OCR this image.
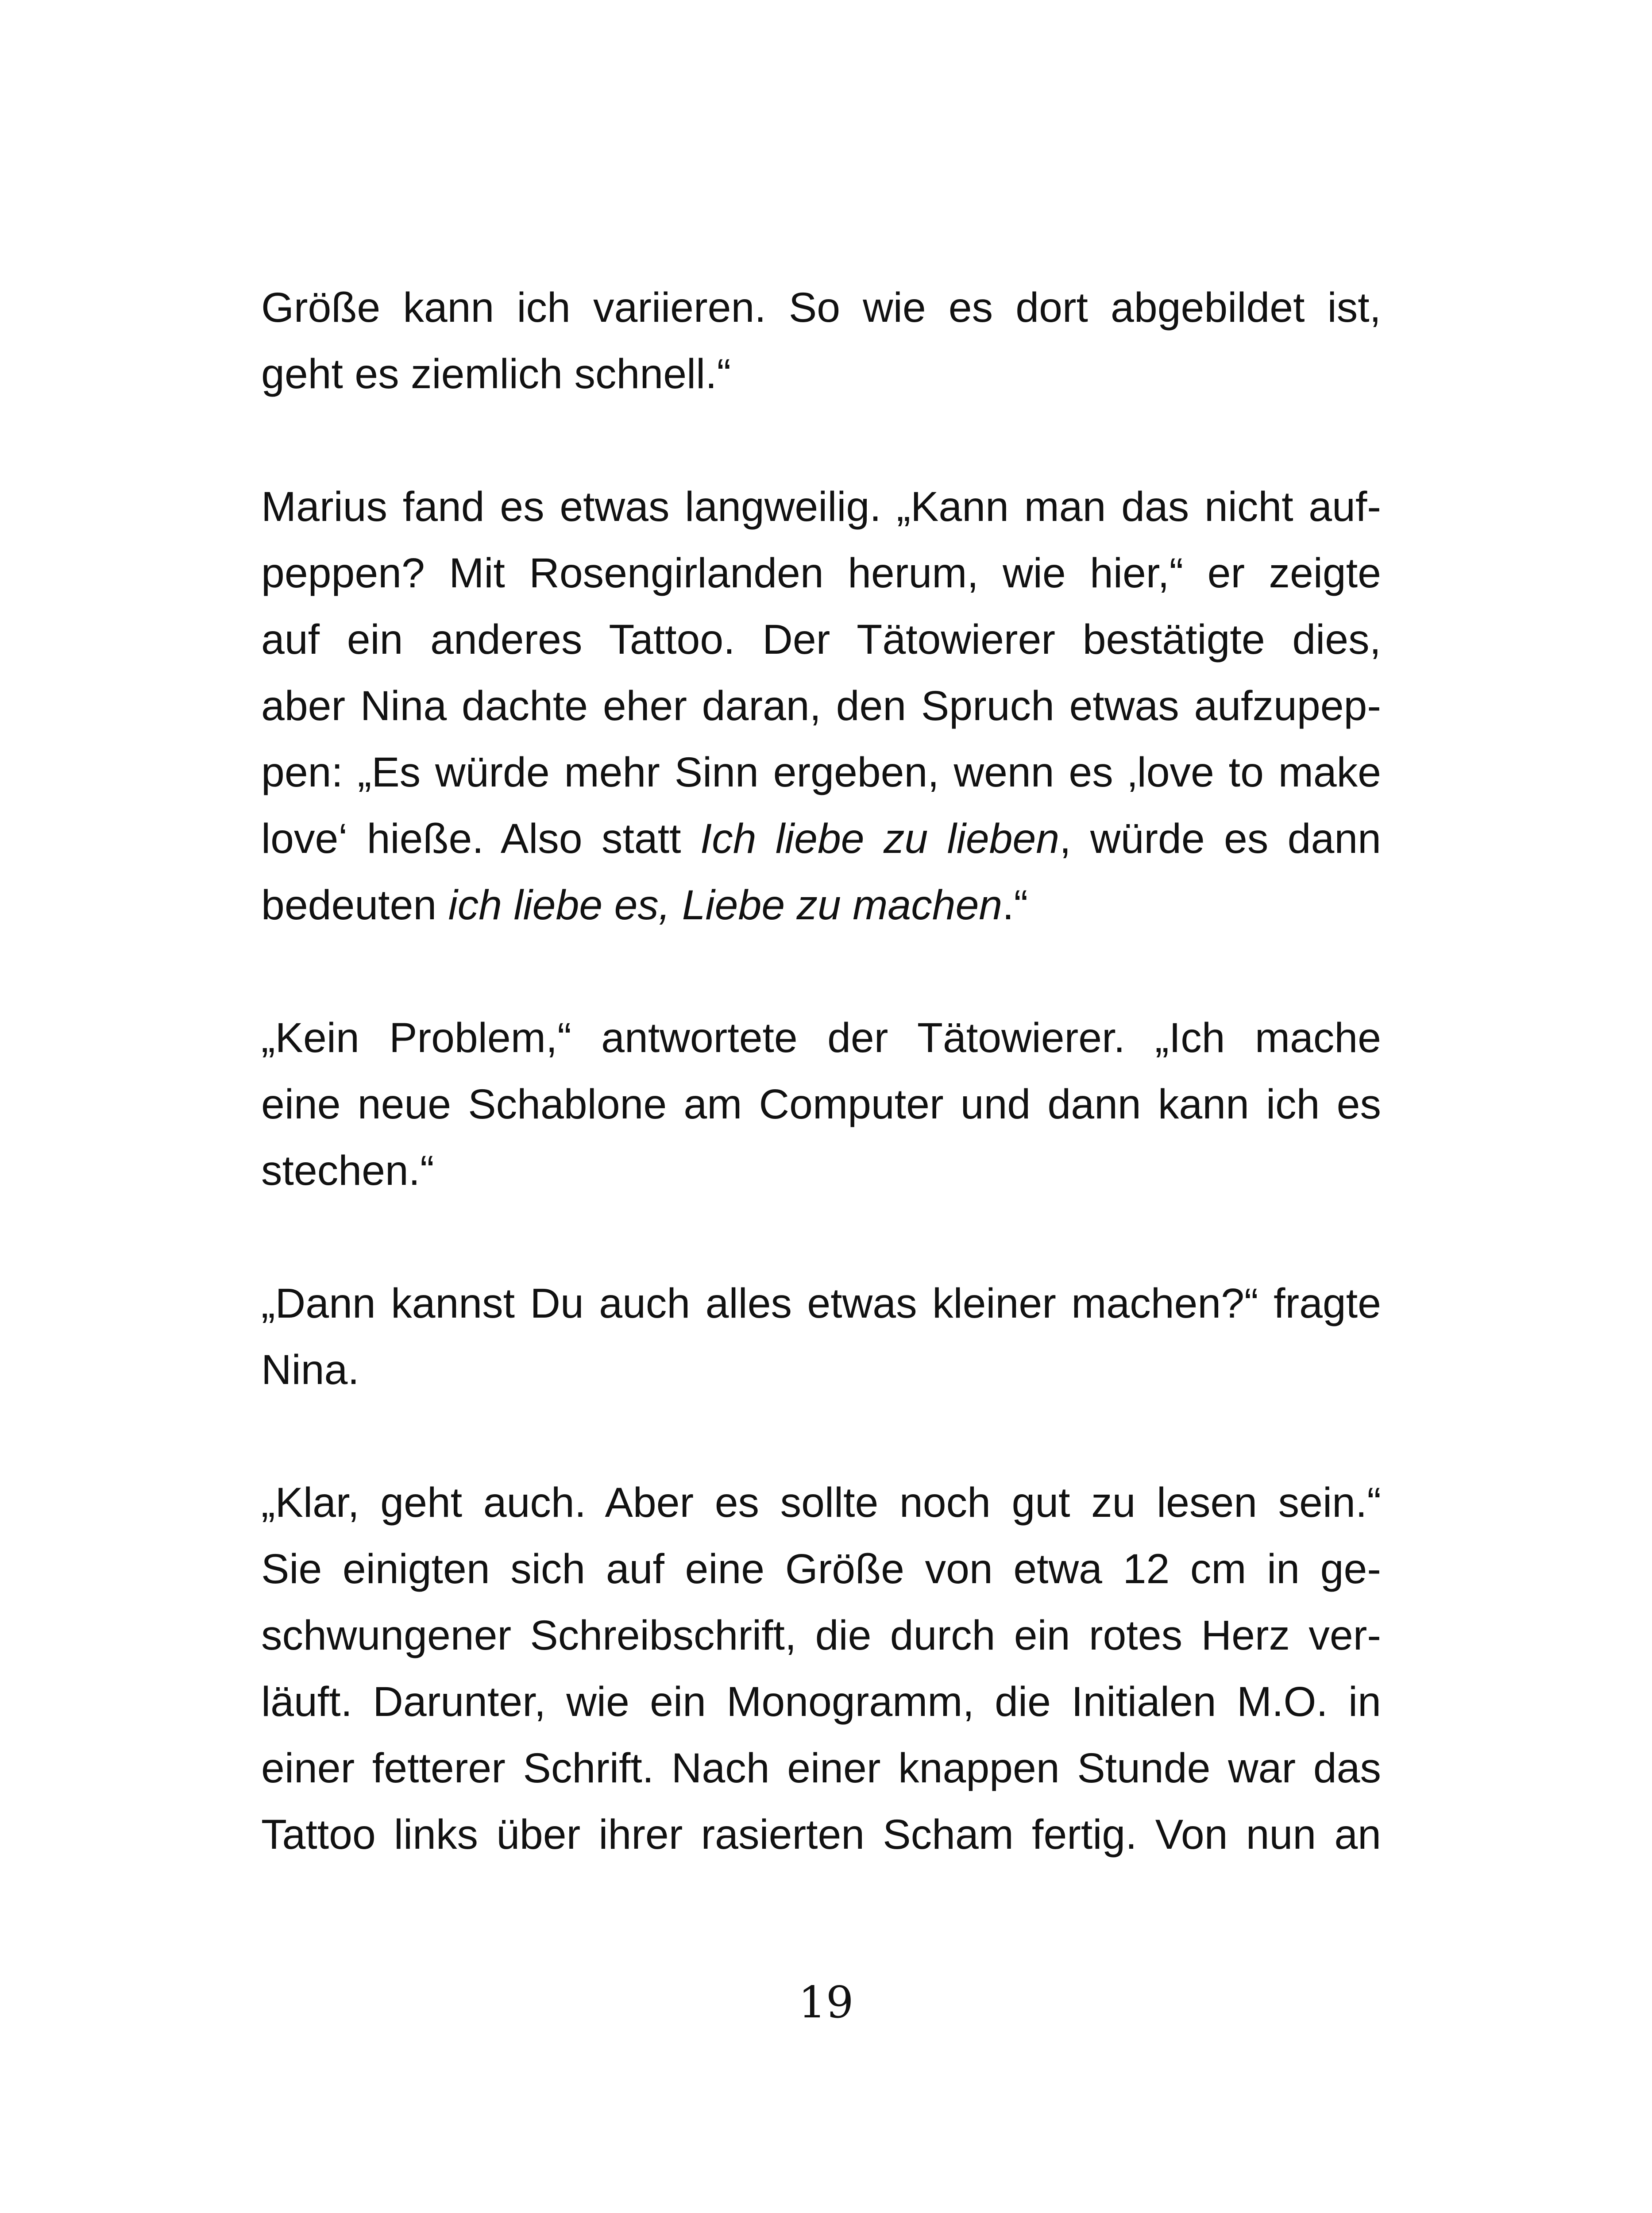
Größe kann ich variieren. So wie es dort abgebildet ist,
geht es ziemlich schnell.“

Marius fand es etwas langweilig. „Kann man das nicht auf-
peppen? Mit Rosengirlanden herum, wie hier,“ er zeigte
auf ein anderes Tattoo. Der Tätowierer bestätigte dies,
aber Nina dachte eher daran, den Spruch etwas aufzupep-
pen: „Es würde mehr Sinn ergeben, wenn es ‚love to make
love‘ hieße. Also statt Ich liebe zu lieben, würde es dann
bedeuten ich liebe es, Liebe zu machen.“

„Kein Problem,“ antwortete der Tätowierer. „Ich mache
eine neue Schablone am Computer und dann kann ich es
stechen.“

„Dann kannst Du auch alles etwas kleiner machen?“ fragte
Nina.

„Klar, geht auch. Aber es sollte noch gut zu lesen sein.“
Sie einigten sich auf eine Größe von etwa 12 cm in ge-
schwungener Schreibschrift, die durch ein rotes Herz ver-
läuft. Darunter, wie ein Monogramm, die Initialen M.O. in
einer fetterer Schrift. Nach einer knappen Stunde war das
Tattoo links über ihrer rasierten Scham fertig. Von nun an

19
